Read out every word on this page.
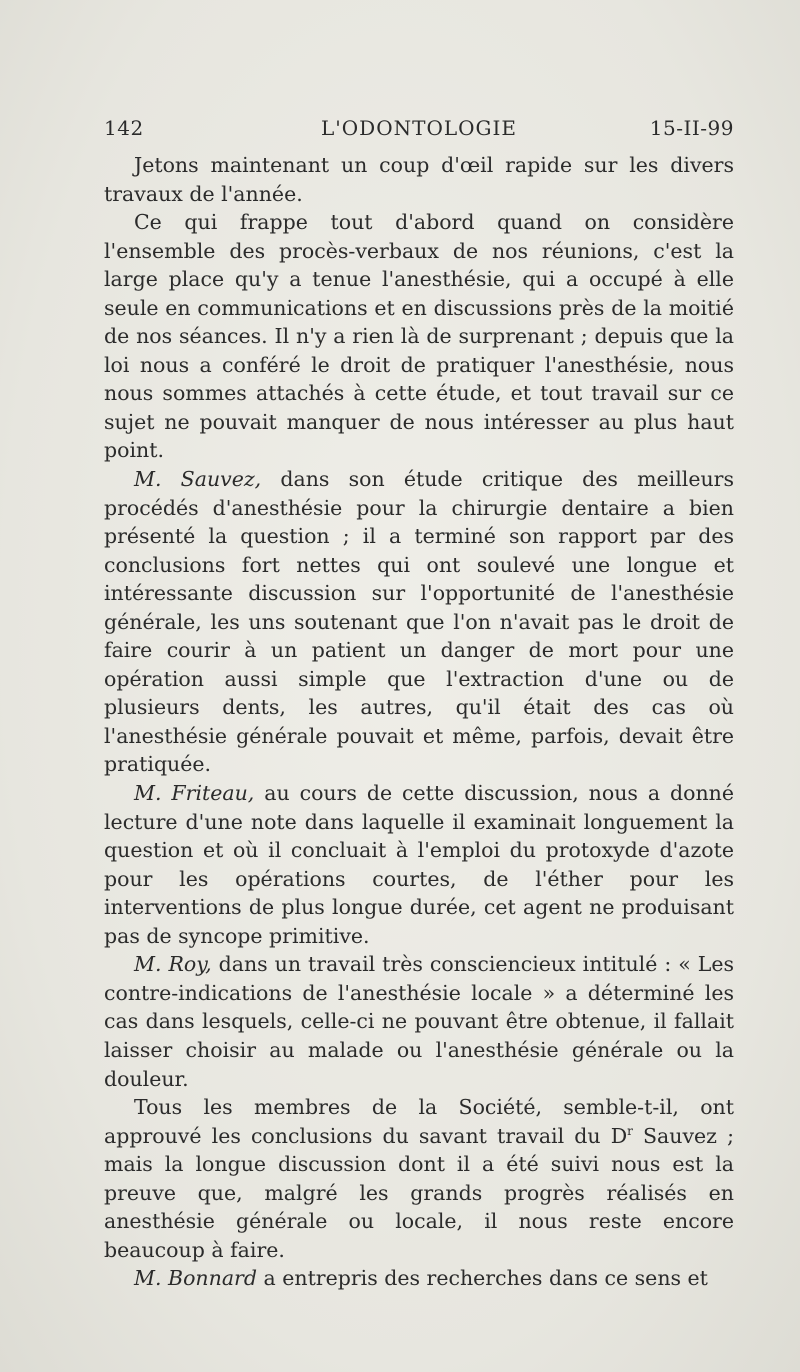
142	L'ODONTOLOGIE	15-II-99

Jetons maintenant un coup d'œil rapide sur les divers travaux de l'année.

Ce qui frappe tout d'abord quand on considère l'ensemble des procès-verbaux de nos réunions, c'est la large place qu'y a tenue l'anesthésie, qui a occupé à elle seule en communications et en discussions près de la moitié de nos séances. Il n'y a rien là de surprenant ; depuis que la loi nous a conféré le droit de pratiquer l'anesthésie, nous nous sommes attachés à cette étude, et tout travail sur ce sujet ne pouvait manquer de nous intéresser au plus haut point.

M. Sauvez, dans son étude critique des meilleurs procédés d'anesthésie pour la chirurgie dentaire a bien présenté la question ; il a terminé son rapport par des conclusions fort nettes qui ont soulevé une longue et intéressante discussion sur l'opportunité de l'anesthésie générale, les uns soutenant que l'on n'avait pas le droit de faire courir à un patient un danger de mort pour une opération aussi simple que l'extraction d'une ou de plusieurs dents, les autres, qu'il était des cas où l'anesthésie générale pouvait et même, parfois, devait être pratiquée.

M. Friteau, au cours de cette discussion, nous a donné lecture d'une note dans laquelle il examinait longuement la question et où il concluait à l'emploi du protoxyde d'azote pour les opérations courtes, de l'éther pour les interventions de plus longue durée, cet agent ne produisant pas de syncope primitive.

M. Roy, dans un travail très consciencieux intitulé : « Les contre-indications de l'anesthésie locale » a déterminé les cas dans lesquels, celle-ci ne pouvant être obtenue, il fallait laisser choisir au malade ou l'anesthésie générale ou la douleur.

Tous les membres de la Société, semble-t-il, ont approuvé les conclusions du savant travail du $D^r$ Sauvez ; mais la longue discussion dont il a été suivi nous est la preuve que, malgré les grands progrès réalisés en anesthésie générale ou locale, il nous reste encore beaucoup à faire.

M. Bonnard a entrepris des recherches dans ce sens et
